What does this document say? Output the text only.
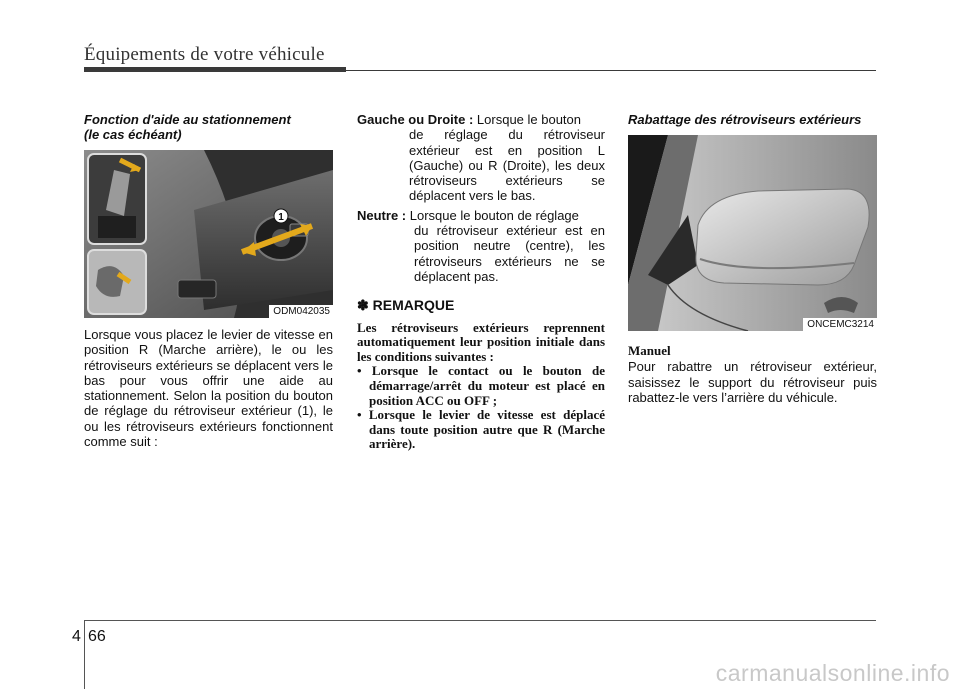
Équipements de votre véhicule
Fonction d'aide au stationnement
(le cas échéant)
1
ODM042035

Lorsque vous placez le levier de vitesse en position R (Marche arrière), le ou les rétroviseurs extérieurs se déplacent vers le bas pour vous offrir une aide au stationnement. Selon la position du bouton de réglage du rétroviseur extérieur (1), le ou les rétroviseurs extérieurs fonctionnent comme suit :

Gauche ou Droite : Lorsque le bouton
de réglage du rétroviseur extérieur est en position L (Gauche) ou R (Droite), les deux rétroviseurs extérieurs se déplacent vers le bas.

Neutre : Lorsque le bouton de réglage
du rétroviseur extérieur est en position neutre (centre), les rétroviseurs extérieurs ne se déplacent pas.

✽ REMARQUE
Les rétroviseurs extérieurs reprennent automatiquement leur position initiale dans les conditions suivantes :
• Lorsque le contact ou le bouton de démarrage/arrêt du moteur est placé en position ACC ou OFF ;
• Lorsque le levier de vitesse est déplacé dans toute position autre que R (Marche arrière).
Rabattage des rétroviseurs extérieurs
ONCEMC3214
Manuel

Pour rabattre un rétroviseur extérieur, saisissez le support du rétroviseur puis rabattez-le vers l’arrière du véhicule.

4 66
carmanualsonline.info
